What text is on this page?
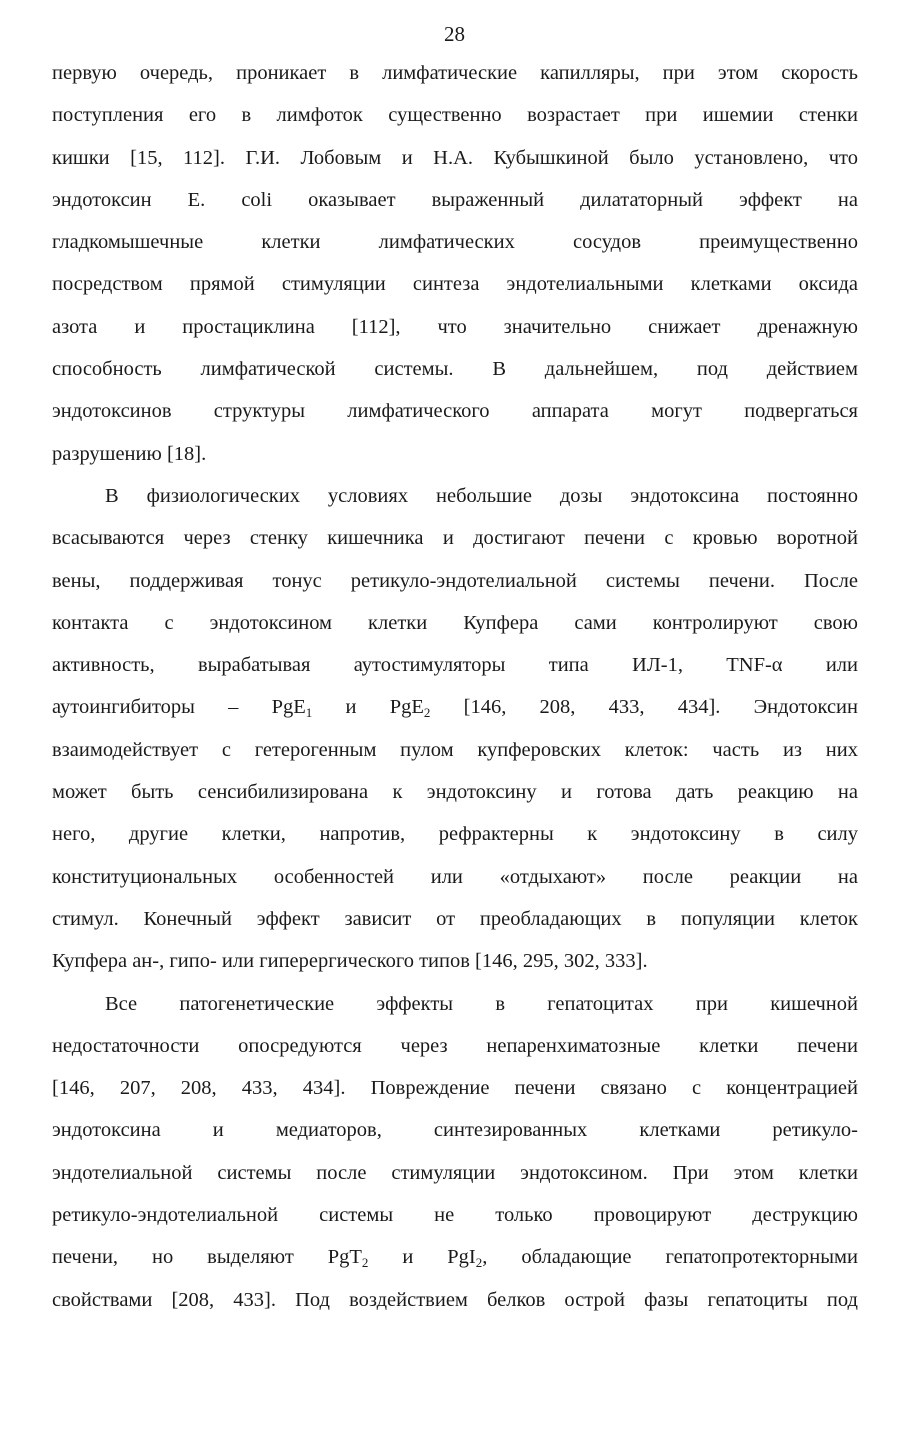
28
первую очередь, проникает в лимфатические капилляры, при этом скорость
поступления его в лимфоток существенно возрастает при ишемии стенки
кишки [15, 112]. Г.И. Лобовым и Н.А. Кубышкиной было установлено, что
эндотоксин E. coli оказывает выраженный дилататорный эффект на
гладкомышечные клетки лимфатических сосудов преимущественно
посредством прямой стимуляции синтеза эндотелиальными клетками оксида
азота и простациклина [112], что значительно снижает дренажную
способность лимфатической системы. В дальнейшем, под действием
эндотоксинов структуры лимфатического аппарата могут подвергаться
разрушению [18].
В физиологических условиях небольшие дозы эндотоксина постоянно
всасываются через стенку кишечника и достигают печени с кровью воротной
вены, поддерживая тонус ретикуло-эндотелиальной системы печени. После
контакта с эндотоксином клетки Купфера сами контролируют свою
активность, вырабатывая аутостимуляторы типа ИЛ-1, TNF-α или
аутоингибиторы – PgE$_1$ и PgE$_2$ [146, 208, 433, 434]. Эндотоксин
взаимодействует с гетерогенным пулом купферовских клеток: часть из них
может быть сенсибилизирована к эндотоксину и готова дать реакцию на
него, другие клетки, напротив, рефрактерны к эндотоксину в силу
конституциональных особенностей или «отдыхают» после реакции на
стимул. Конечный эффект зависит от преобладающих в популяции клеток
Купфера ан-, гипо- или гиперергического типов [146, 295, 302, 333].
Все патогенетические эффекты в гепатоцитах при кишечной
недостаточности опосредуются через непаренхиматозные клетки печени
[146, 207, 208, 433, 434]. Повреждение печени связано с концентрацией
эндотоксина и медиаторов, синтезированных клетками ретикуло-
эндотелиальной системы после стимуляции эндотоксином. При этом клетки
ретикуло-эндотелиальной системы не только провоцируют деструкцию
печени, но выделяют PgT$_2$ и PgI$_2$, обладающие гепатопротекторными
свойствами [208, 433]. Под воздействием белков острой фазы гепатоциты под
